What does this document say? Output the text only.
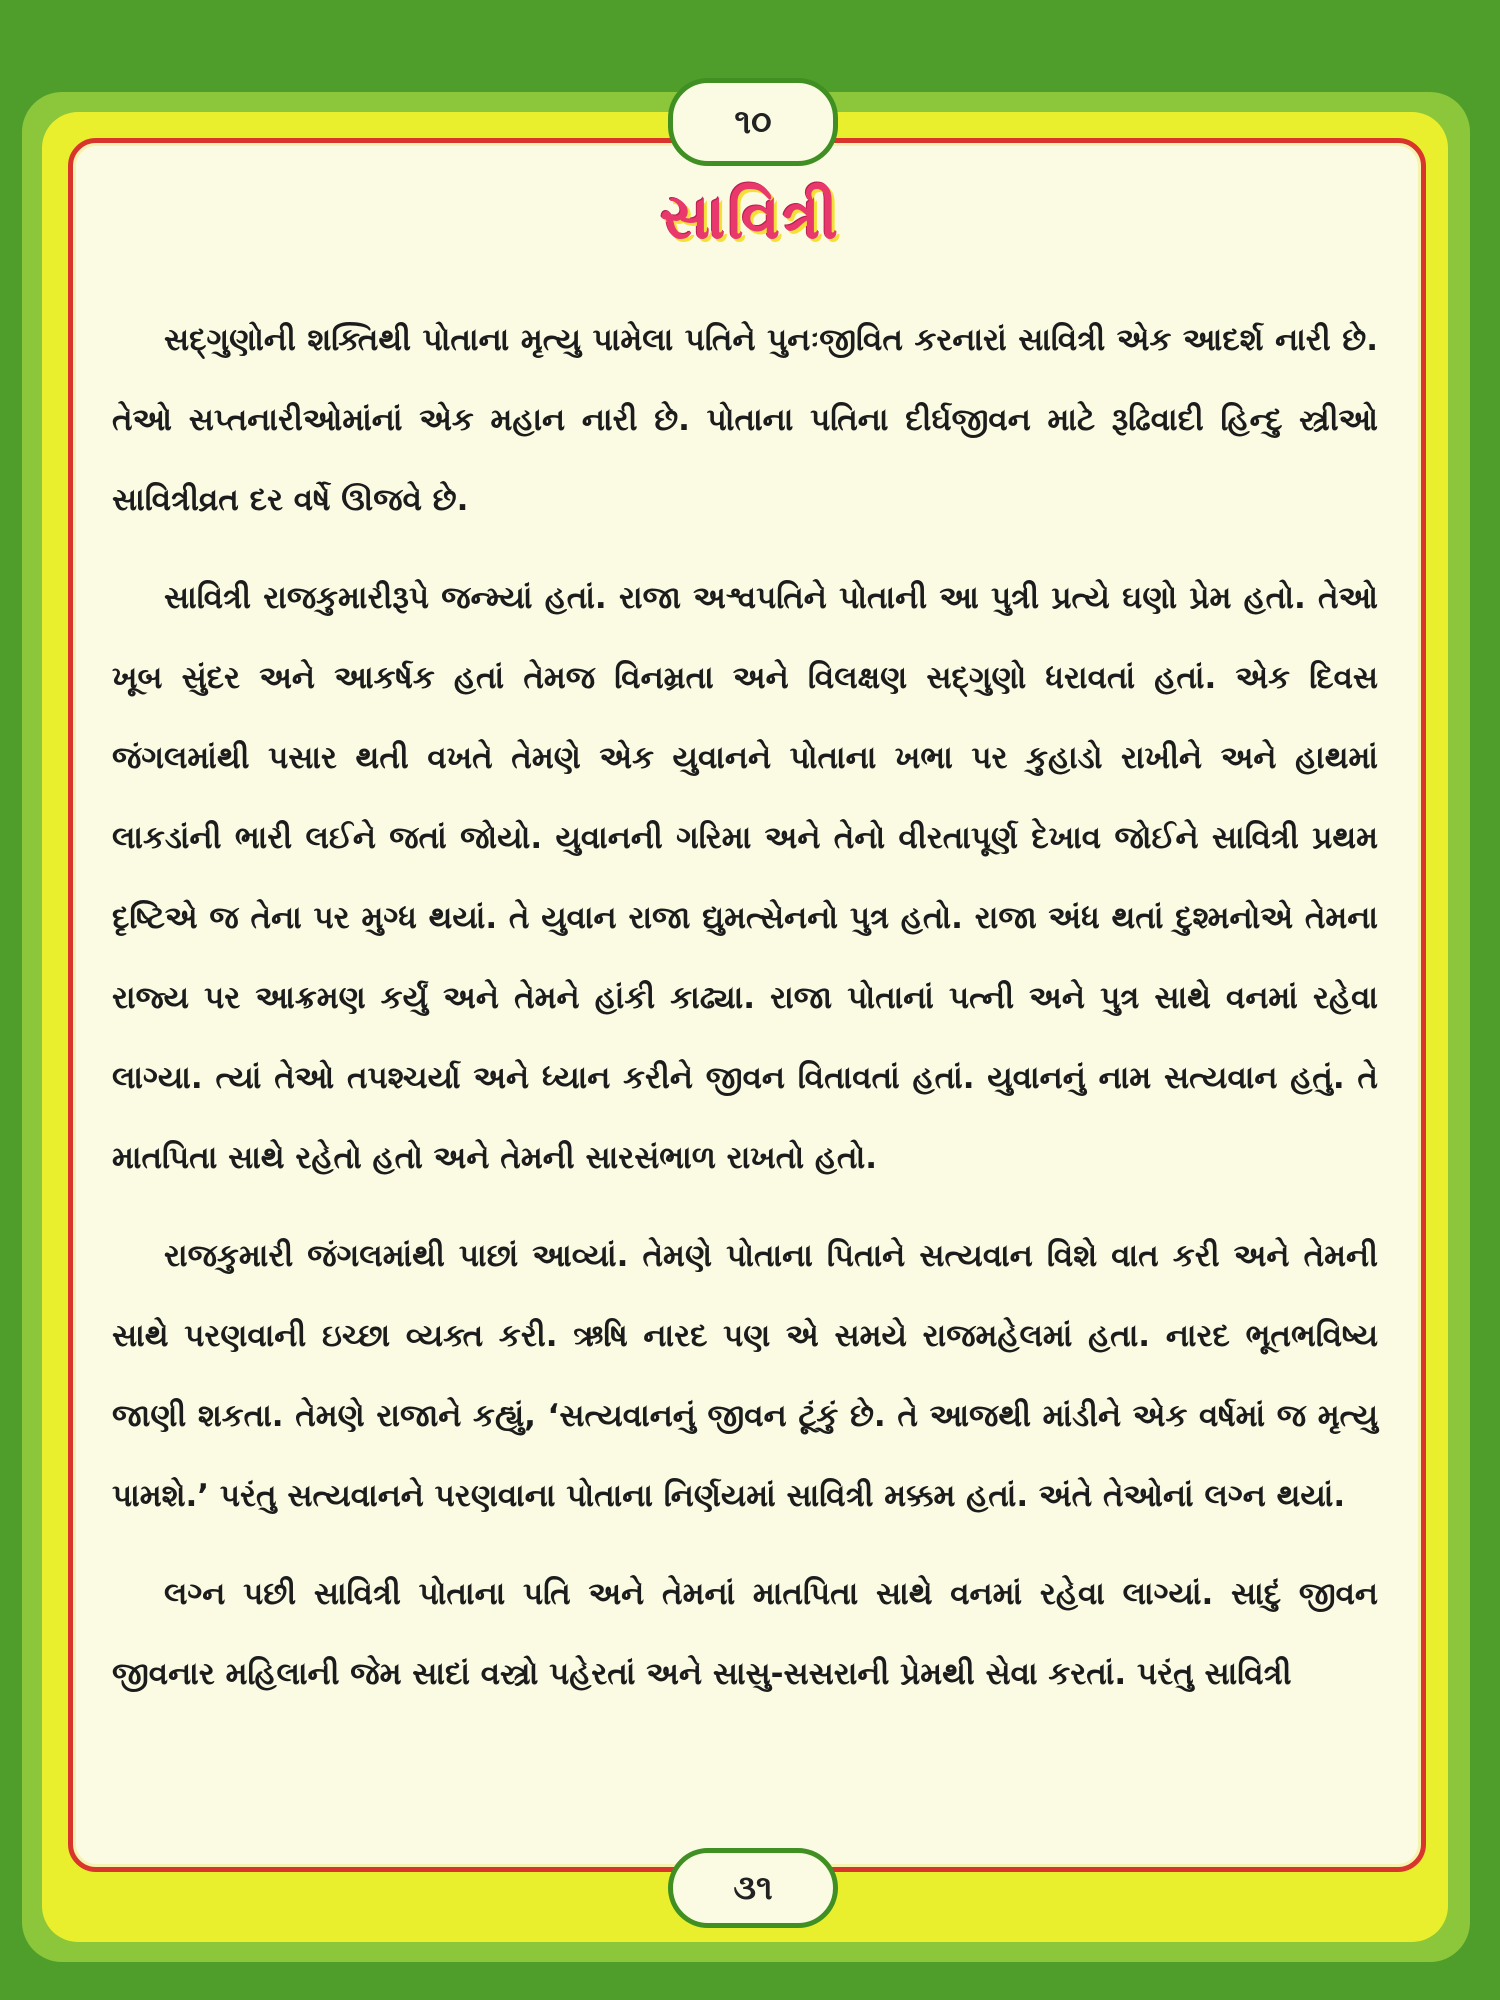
૧૦
સાવિત્રી

સદ્ગુણોની શક્તિથી પોતાના મૃત્યુ પામેલા પતિને પુનઃજીવિત કરનારાં સાવિત્રી એક આદર્શ નારી છે. તેઓ સપ્તનારીઓમાંનાં એક મહાન નારી છે. પોતાના પતિના દીર્ઘજીવન માટે રૂઢિવાદી હિન્દુ સ્ત્રીઓ સાવિત્રીવ્રત દર વર્ષે ઊજવે છે.

સાવિત્રી રાજકુમારીરૂપે જન્મ્યાં હતાં. રાજા અશ્વપતિને પોતાની આ પુત્રી પ્રત્યે ઘણો પ્રેમ હતો. તેઓ ખૂબ સુંદર અને આકર્ષક હતાં તેમજ વિનમ્રતા અને વિલક્ષણ સદ્ગુણો ધરાવતાં હતાં. એક દિવસ જંગલમાંથી પસાર થતી વખતે તેમણે એક યુવાનને પોતાના ખભા પર કુહાડો રાખીને અને હાથમાં લાકડાંની ભારી લઈને જતાં જોયો. યુવાનની ગરિમા અને તેનો વીરતાપૂર્ણ દેખાવ જોઈને સાવિત્રી પ્રથમ દૃષ્ટિએ જ તેના પર મુગ્ધ થયાં. તે યુવાન રાજા દ્યુમત્સેનનો પુત્ર હતો. રાજા અંધ થતાં દુશ્મનોએ તેમના રાજ્ય પર આક્રમણ કર્યું અને તેમને હાંકી કાઢ્યા. રાજા પોતાનાં પત્ની અને પુત્ર સાથે વનમાં રહેવા લાગ્યા. ત્યાં તેઓ તપશ્ચર્યા અને ધ્યાન કરીને જીવન વિતાવતાં હતાં. યુવાનનું નામ સત્યવાન હતું. તે માતપિતા સાથે રહેતો હતો અને તેમની સારસંભાળ રાખતો હતો.

રાજકુમારી જંગલમાંથી પાછાં આવ્યાં. તેમણે પોતાના પિતાને સત્યવાન વિશે વાત કરી અને તેમની સાથે પરણવાની ઇચ્છા વ્યક્ત કરી. ઋષિ નારદ પણ એ સમયે રાજમહેલમાં હતા. નારદ ભૂતભવિષ્ય જાણી શકતા. તેમણે રાજાને કહ્યું, ‘સત્યવાનનું જીવન ટૂંકું છે. તે આજથી માંડીને એક વર્ષમાં જ મૃત્યુ પામશે.’ પરંતુ સત્યવાનને પરણવાના પોતાના નિર્ણયમાં સાવિત્રી મક્કમ હતાં. અંતે તેઓનાં લગ્ન થયાં.

લગ્ન પછી સાવિત્રી પોતાના પતિ અને તેમનાં માતપિતા સાથે વનમાં રહેવા લાગ્યાં. સાદું જીવન જીવનાર મહિલાની જેમ સાદાં વસ્ત્રો પહેરતાં અને સાસુ-સસરાની પ્રેમથી સેવા કરતાં. પરંતુ સાવિત્રી

૩૧
